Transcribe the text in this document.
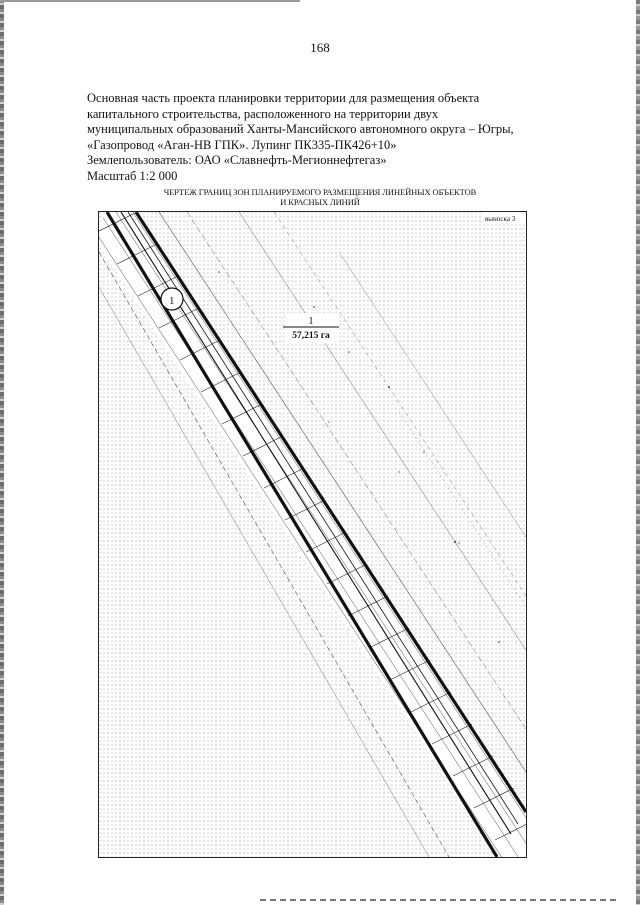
168
Основная часть проекта планировки территории для размещения объекта
капитального строительства, расположенного на территории двух
муниципальных образований Ханты-Мансийского автономного округа – Югры,
«Газопровод «Аган-НВ ГПК». Лупинг ПК335-ПК426+10»
Землепользователь: ОАО «Славнефть-Мегионнефтегаз»
Масштаб 1:2 000
ЧЕРТЕЖ ГРАНИЦ ЗОН ПЛАНИРУЕМОГО РАЗМЕЩЕНИЯ ЛИНЕЙНЫХ ОБЪЕКТОВ
И КРАСНЫХ ЛИНИЙ
выноска 3
1
1
57,215 га
